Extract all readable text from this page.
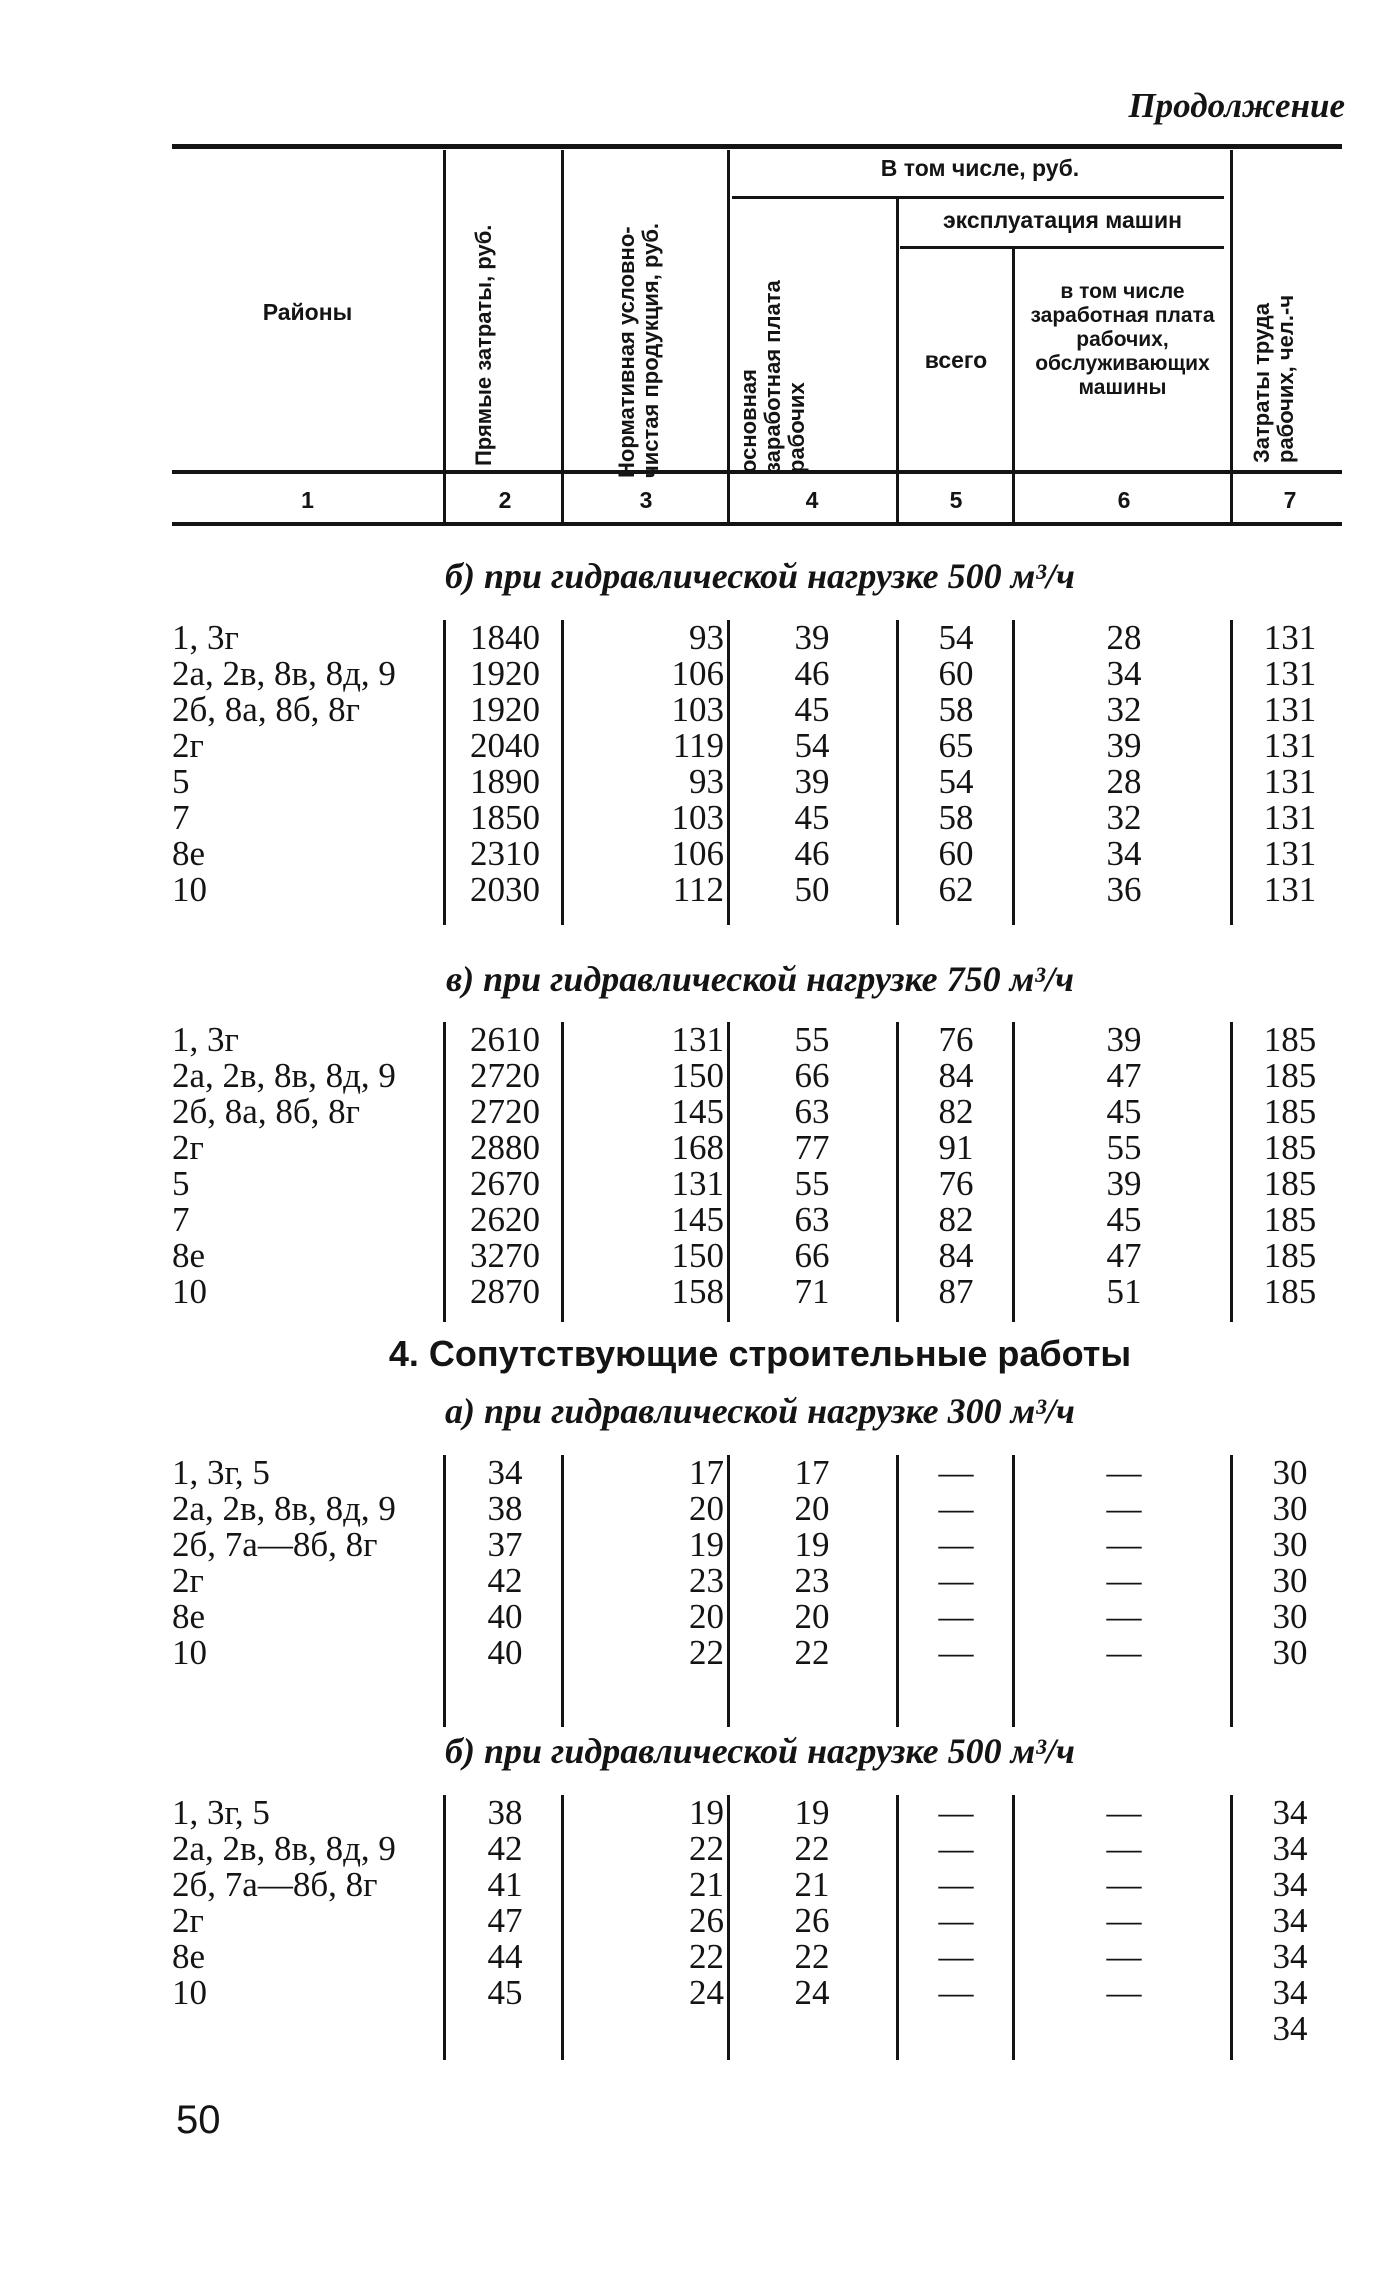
Продолжение
Районы	Прямые затраты, руб.	Нормативная условно-чистая продукция, руб.
В том числе, руб.
основная заработная плата рабочих
эксплуатация машин
всего
в том числе заработная плата рабочих, обслуживающих машины	Затраты труда рабочих, чел.-ч
1	2	3	4	5	6	7
б) при гидравлической нагрузке 500 м³/ч
1, 3г	1840	93	39	54	28	131
2а, 2в, 8в, 8д, 9	1920	106	46	60	34	131
2б, 8а, 8б, 8г	1920	103	45	58	32	131
2г	2040	119	54	65	39	131
5	1890	93	39	54	28	131
7	1850	103	45	58	32	131
8е	2310	106	46	60	34	131
10	2030	112	50	62	36	131
в) при гидравлической нагрузке 750 м³/ч
1, 3г	2610	131	55	76	39	185
2а, 2в, 8в, 8д, 9	2720	150	66	84	47	185
2б, 8а, 8б, 8г	2720	145	63	82	45	185
2г	2880	168	77	91	55	185
5	2670	131	55	76	39	185
7	2620	145	63	82	45	185
8е	3270	150	66	84	47	185
10	2870	158	71	87	51	185
4. Сопутствующие строительные работы
а) при гидравлической нагрузке 300 м³/ч
1, 3г, 5	34	17	17	—	—	30
2а, 2в, 8в, 8д, 9	38	20	20	—	—	30
2б, 7а—8б, 8г	37	19	19	—	—	30
2г	42	23	23	—	—	30
8е	40	20	20	—	—	30
10	40	22	22	—	—	30
б) при гидравлической нагрузке 500 м³/ч
1, 3г, 5	38	19	19	—	—	34
2а, 2в, 8в, 8д, 9	42	22	22	—	—	34
2б, 7а—8б, 8г	41	21	21	—	—	34
2г	47	26	26	—	—	34
8е	44	22	22	—	—	34
10	45	24	24	—	—	34
34
50
